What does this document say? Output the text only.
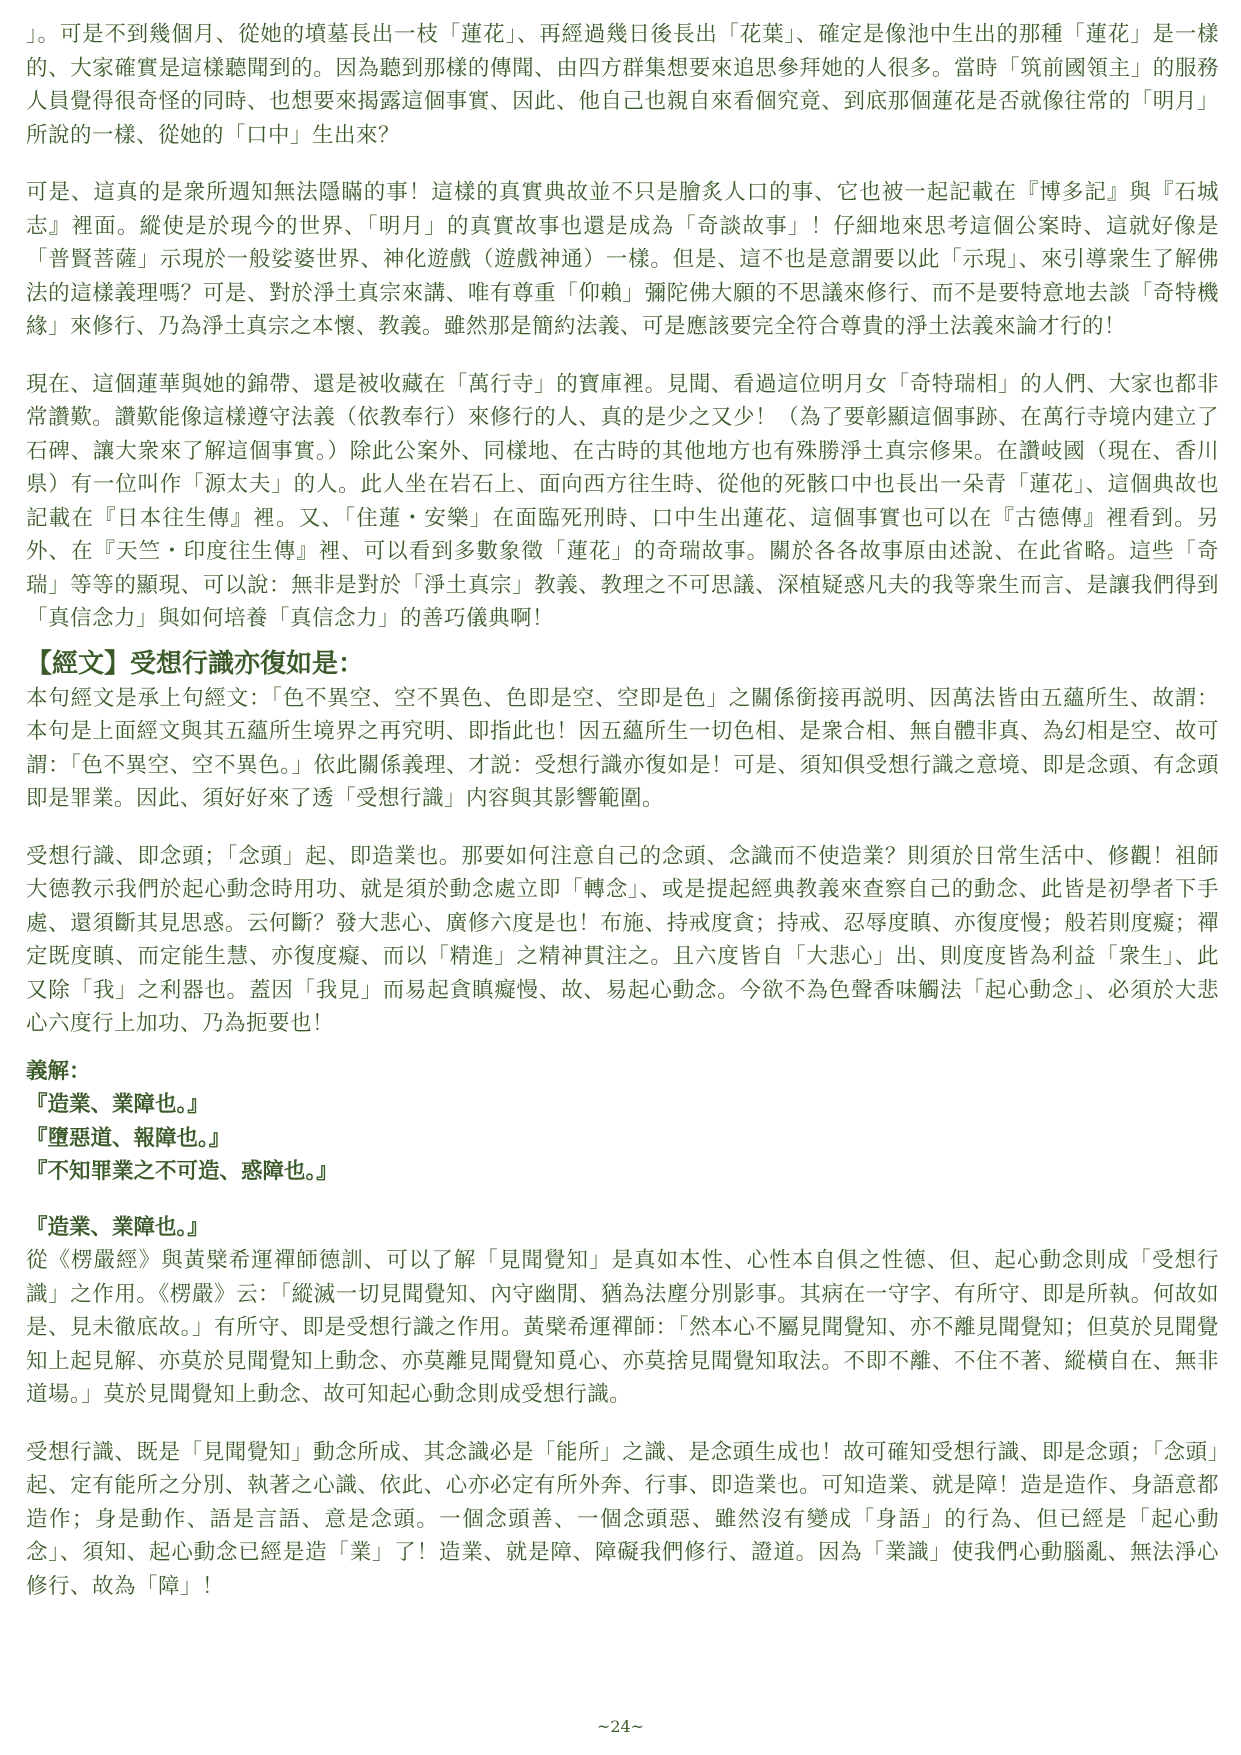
」。可是不到幾個月、從她的墳墓長出一枝「蓮花」、再經過幾日後長出「花葉」、確定是像池中生出的那種「蓮花」是一樣的、大家確實是這樣聽聞到的。因為聽到那樣的傳聞、由四方群集想要來追思參拜她的人很多。當時「筑前國領主」的服務人員覺得很奇怪的同時、也想要來揭露這個事實、因此、他自己也親自來看個究竟、到底那個蓮花是否就像往常的「明月」所說的一樣、從她的「口中」生出來？

可是、這真的是衆所週知無法隱瞞的事！這樣的真實典故並不只是膾炙人口的事、它也被一起記載在『博多記』與『石城志』裡面。縱使是於現今的世界、「明月」的真實故事也還是成為「奇談故事」！仔細地來思考這個公案時、這就好像是「普賢菩薩」示現於一般娑婆世界、神化遊戲（遊戲神通）一樣。但是、這不也是意謂要以此「示現」、來引導衆生了解佛法的這樣義理嗎？可是、對於淨土真宗來講、唯有尊重「仰賴」彌陀佛大願的不思議來修行、而不是要特意地去談「奇特機緣」來修行、乃為淨土真宗之本懷、教義。雖然那是簡約法義、可是應該要完全符合尊貴的淨土法義來論才行的！

現在、這個蓮華與她的錦帶、還是被收藏在「萬行寺」的寶庫裡。見聞、看過這位明月女「奇特瑞相」的人們、大家也都非常讚歎。讚歎能像這樣遵守法義（依教奉行）來修行的人、真的是少之又少！（為了要彰顯這個事跡、在萬行寺境内建立了石碑、讓大衆來了解這個事實。）除此公案外、同樣地、在古時的其他地方也有殊勝淨土真宗修果。在讚岐國（現在、香川県）有一位叫作「源太夫」的人。此人坐在岩石上、面向西方往生時、從他的死骸口中也長出一朵青「蓮花」、這個典故也記載在『日本往生傳』裡。又、「住蓮・安樂」在面臨死刑時、口中生出蓮花、這個事實也可以在『古德傳』裡看到。另外、在『天竺・印度往生傳』裡、可以看到多數象徵「蓮花」的奇瑞故事。關於各各故事原由述說、在此省略。這些「奇瑞」等等的顯現、可以說：無非是對於「淨土真宗」教義、教理之不可思議、深植疑惑凡夫的我等衆生而言、是讓我們得到「真信念力」與如何培養「真信念力」的善巧儀典啊！

【經文】受想行識亦復如是：

本句經文是承上句經文：「色不異空、空不異色、色即是空、空即是色」之關係銜接再説明、因萬法皆由五蘊所生、故謂：本句是上面經文與其五蘊所生境界之再究明、即指此也！因五蘊所生一切色相、是衆合相、無自體非真、為幻相是空、故可謂：「色不異空、空不異色。」依此關係義理、才説：受想行識亦復如是！可是、須知俱受想行識之意境、即是念頭、有念頭即是罪業。因此、須好好來了透「受想行識」内容與其影響範圍。

受想行識、即念頭；「念頭」起、即造業也。那要如何注意自己的念頭、念識而不使造業？則須於日常生活中、修觀！祖師大德教示我們於起心動念時用功、就是須於動念處立即「轉念」、或是提起經典教義來查察自己的動念、此皆是初學者下手處、還須斷其見思惑。云何斷？發大悲心、廣修六度是也！布施、持戒度貪；持戒、忍辱度瞋、亦復度慢；般若則度癡；禪定既度瞋、而定能生慧、亦復度癡、而以「精進」之精神貫注之。且六度皆自「大悲心」出、則度度皆為利益「衆生」、此又除「我」之利器也。蓋因「我見」而易起貪瞋癡慢、故、易起心動念。今欲不為色聲香味觸法「起心動念」、必須於大悲心六度行上加功、乃為扼要也！

義解：

『造業、業障也。』

『墮惡道、報障也。』

『不知罪業之不可造、惑障也。』

『造業、業障也。』

從《楞嚴經》與黃檗希運禪師德訓、可以了解「見聞覺知」是真如本性、心性本自俱之性德、但、起心動念則成「受想行識」之作用。《楞嚴》云：「縱滅一切見聞覺知、內守幽閒、猶為法塵分別影事。其病在一守字、有所守、即是所執。何故如是、見未徹底故。」有所守、即是受想行識之作用。黃檗希運禪師：「然本心不屬見聞覺知、亦不離見聞覺知；但莫於見聞覺知上起見解、亦莫於見聞覺知上動念、亦莫離見聞覺知覓心、亦莫捨見聞覺知取法。不即不離、不住不著、縱橫自在、無非道場。」莫於見聞覺知上動念、故可知起心動念則成受想行識。

受想行識、既是「見聞覺知」動念所成、其念識必是「能所」之識、是念頭生成也！故可確知受想行識、即是念頭；「念頭」起、定有能所之分別、執著之心識、依此、心亦必定有所外奔、行事、即造業也。可知造業、就是障！造是造作、身語意都造作；身是動作、語是言語、意是念頭。一個念頭善、一個念頭惡、雖然沒有變成「身語」的行為、但已經是「起心動念」、須知、起心動念已經是造「業」了！造業、就是障、障礙我們修行、證道。因為「業識」使我們心動腦亂、無法淨心修行、故為「障」！

~24~
